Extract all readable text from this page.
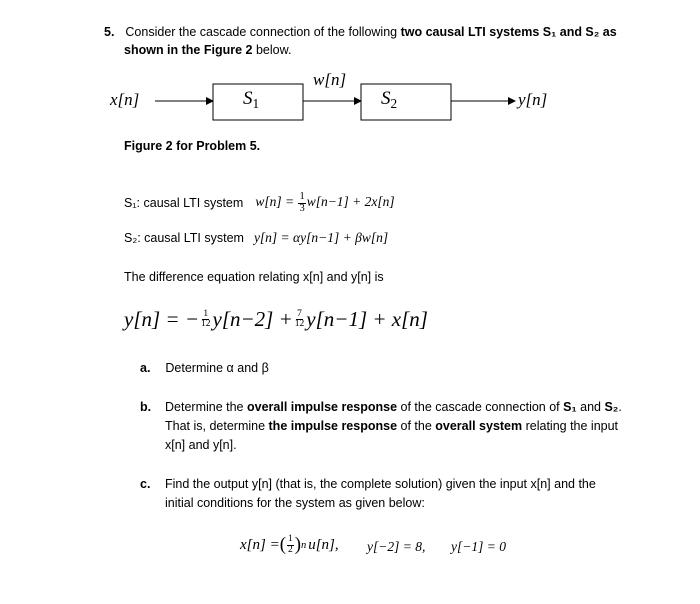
5. Consider the cascade connection of the following two causal LTI systems S₁ and S₂ as
shown in the Figure 2 below.
x[n]
w[n]
y[n]
$S_1$	$S_2$
Figure 2 for Problem 5.
S₁: causal LTI system $w[n] = \frac{1}{3} w[n-1] + 2x[n]$
S₂: causal LTI system y[n] = αy[n−1] + βw[n]
The difference equation relating x[n] and y[n] is
y[n] = − $\frac{1}{12} y[n-2] + \frac{7}{12} y[n-1] + x[n]$
a. Determine α and β
b. Determine the overall impulse response of the cascade connection of S₁ and S₂.
That is, determine the impulse response of the overall system relating the input
x[n] and y[n].
c. Find the output y[n] (that is, the complete solution) given the input x[n] and the
initial conditions for the system as given below:
x[n] = ( $\frac{1}{2}$ ) n u[n], y[−2] = 8, y[−1] = 0
